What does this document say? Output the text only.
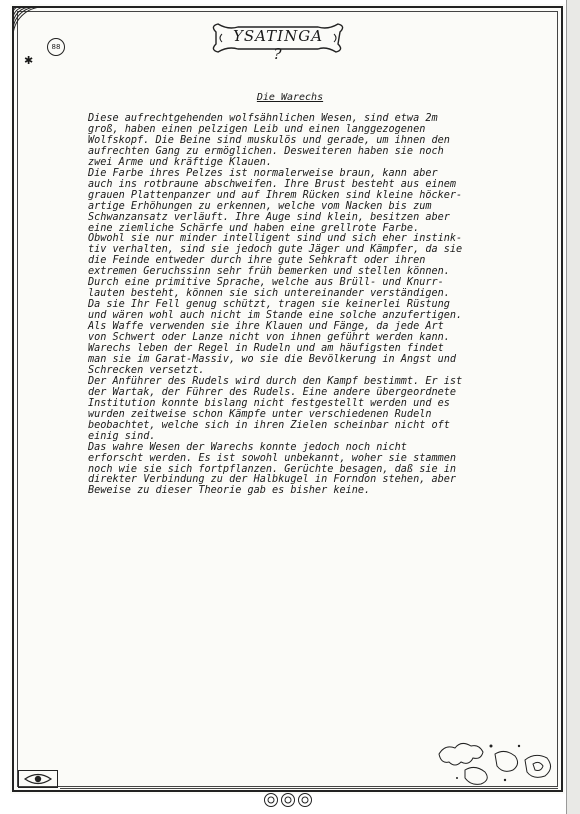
88
✱
YSATINGA ?
Die Warechs
Diese aufrechtgehenden wolfsähnlichen Wesen, sind etwa 2m
groß, haben einen pelzigen Leib und einen langgezogenen
Wolfskopf. Die Beine sind muskulös und gerade, um ihnen den
aufrechten Gang zu ermöglichen. Desweiteren haben sie noch
zwei Arme und kräftige Klauen.
Die Farbe ihres Pelzes ist normalerweise braun, kann aber
auch ins rotbraune abschweifen. Ihre Brust besteht aus einem
grauen Plattenpanzer und auf Ihrem Rücken sind kleine höcker-
artige Erhöhungen zu erkennen, welche vom Nacken bis zum
Schwanzansatz verläuft. Ihre Auge sind klein, besitzen aber
eine ziemliche Schärfe und haben eine grellrote Farbe.
Obwohl sie nur minder intelligent sind und sich eher instink-
tiv verhalten, sind sie jedoch gute Jäger und Kämpfer, da sie
die Feinde entweder durch ihre gute Sehkraft oder ihren
extremen Geruchssinn sehr früh bemerken und stellen können.
Durch eine primitive Sprache, welche aus Brüll- und Knurr-
lauten besteht, können sie sich untereinander verständigen.
Da sie Ihr Fell genug schützt, tragen sie keinerlei Rüstung
und wären wohl auch nicht im Stande eine solche anzufertigen.
Als Waffe verwenden sie ihre Klauen und Fänge, da jede Art
von Schwert oder Lanze nicht von ihnen geführt werden kann.
Warechs leben der Regel in Rudeln und am häufigsten findet
man sie im Garat-Massiv, wo sie die Bevölkerung in Angst und
Schrecken versetzt.
Der Anführer des Rudels wird durch den Kampf bestimmt. Er ist
der Wartak, der Führer des Rudels. Eine andere übergeordnete
Institution konnte bislang nicht festgestellt werden und es
wurden zeitweise schon Kämpfe unter verschiedenen Rudeln
beobachtet, welche sich in ihren Zielen scheinbar nicht oft
einig sind.
Das wahre Wesen der Warechs konnte jedoch noch nicht
erforscht werden. Es ist sowohl unbekannt, woher sie stammen
noch wie sie sich fortpflanzen. Gerüchte besagen, daß sie in
direkter Verbindung zu der Halbkugel in Forndon stehen, aber
Beweise zu dieser Theorie gab es bisher keine.
